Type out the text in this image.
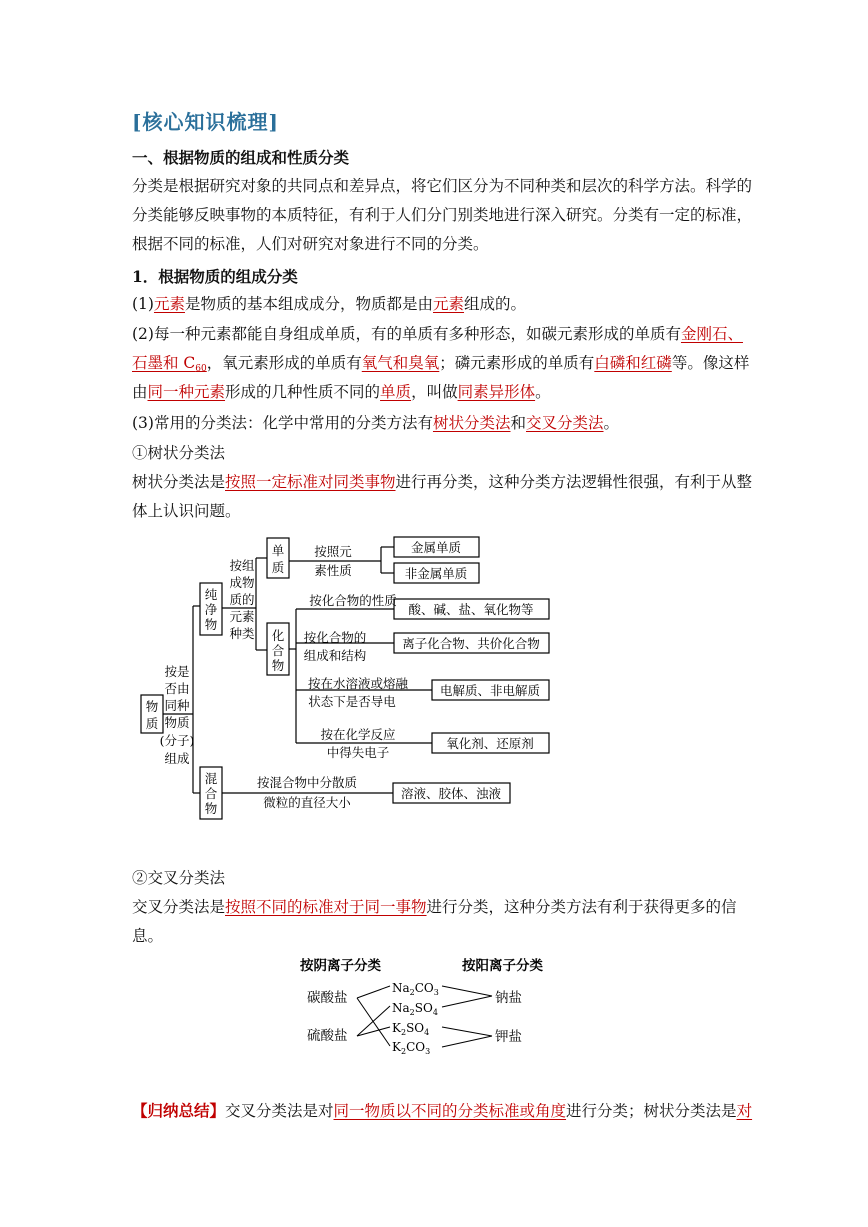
[核心知识梳理]
一、根据物质的组成和性质分类
分类是根据研究对象的共同点和差异点，将它们区分为不同种类和层次的科学方法。科学的
分类能够反映事物的本质特征，有利于人们分门别类地进行深入研究。分类有一定的标准，
根据不同的标准，人们对研究对象进行不同的分类。
1．根据物质的组成分类
(1)元素是物质的基本组成成分，物质都是由元素组成的。
(2)每一种元素都能自身组成单质，有的单质有多种形态，如碳元素形成的单质有金刚石、
石墨和 $C_{60}$，氧元素形成的单质有氧气和臭氧；磷元素形成的单质有白磷和红磷等。像这样
由同一种元素形成的几种性质不同的单质，叫做同素异形体。
(3)常用的分类法：化学中常用的分类方法有树状分类法和交叉分类法。
①树状分类法
树状分类法是按照一定标准对同类事物进行再分类，这种分类方法逻辑性很强，有利于从整
体上认识问题。
物
质
按是
否由
同种
物质
(分子)
组成
纯
净
物
混
合
物
按组
成物
质的
元素
种类
单
质
化
合
物
按照元
素性质
金属单质
非金属单质
按化合物的性质
酸、碱、盐、氧化物等
按化合物的
组成和结构
离子化合物、共价化合物
按在水溶液或熔融
状态下是否导电
电解质、非电解质
按在化学反应
中得失电子
氧化剂、还原剂
按混合物中分散质
微粒的直径大小
溶液、胶体、浊液
②交叉分类法
交叉分类法是按照不同的标准对于同一事物进行分类，这种分类方法有利于获得更多的信
息。
按阴离子分类	按阳离子分类
碳酸盐
硫酸盐
钠盐
钾盐
$Na_2CO_3$
$Na_2SO_4$
$K_2SO_4$
$K_2CO_3$
【归纳总结】交叉分类法是对同一物质以不同的分类标准或角度进行分类；树状分类法是对
